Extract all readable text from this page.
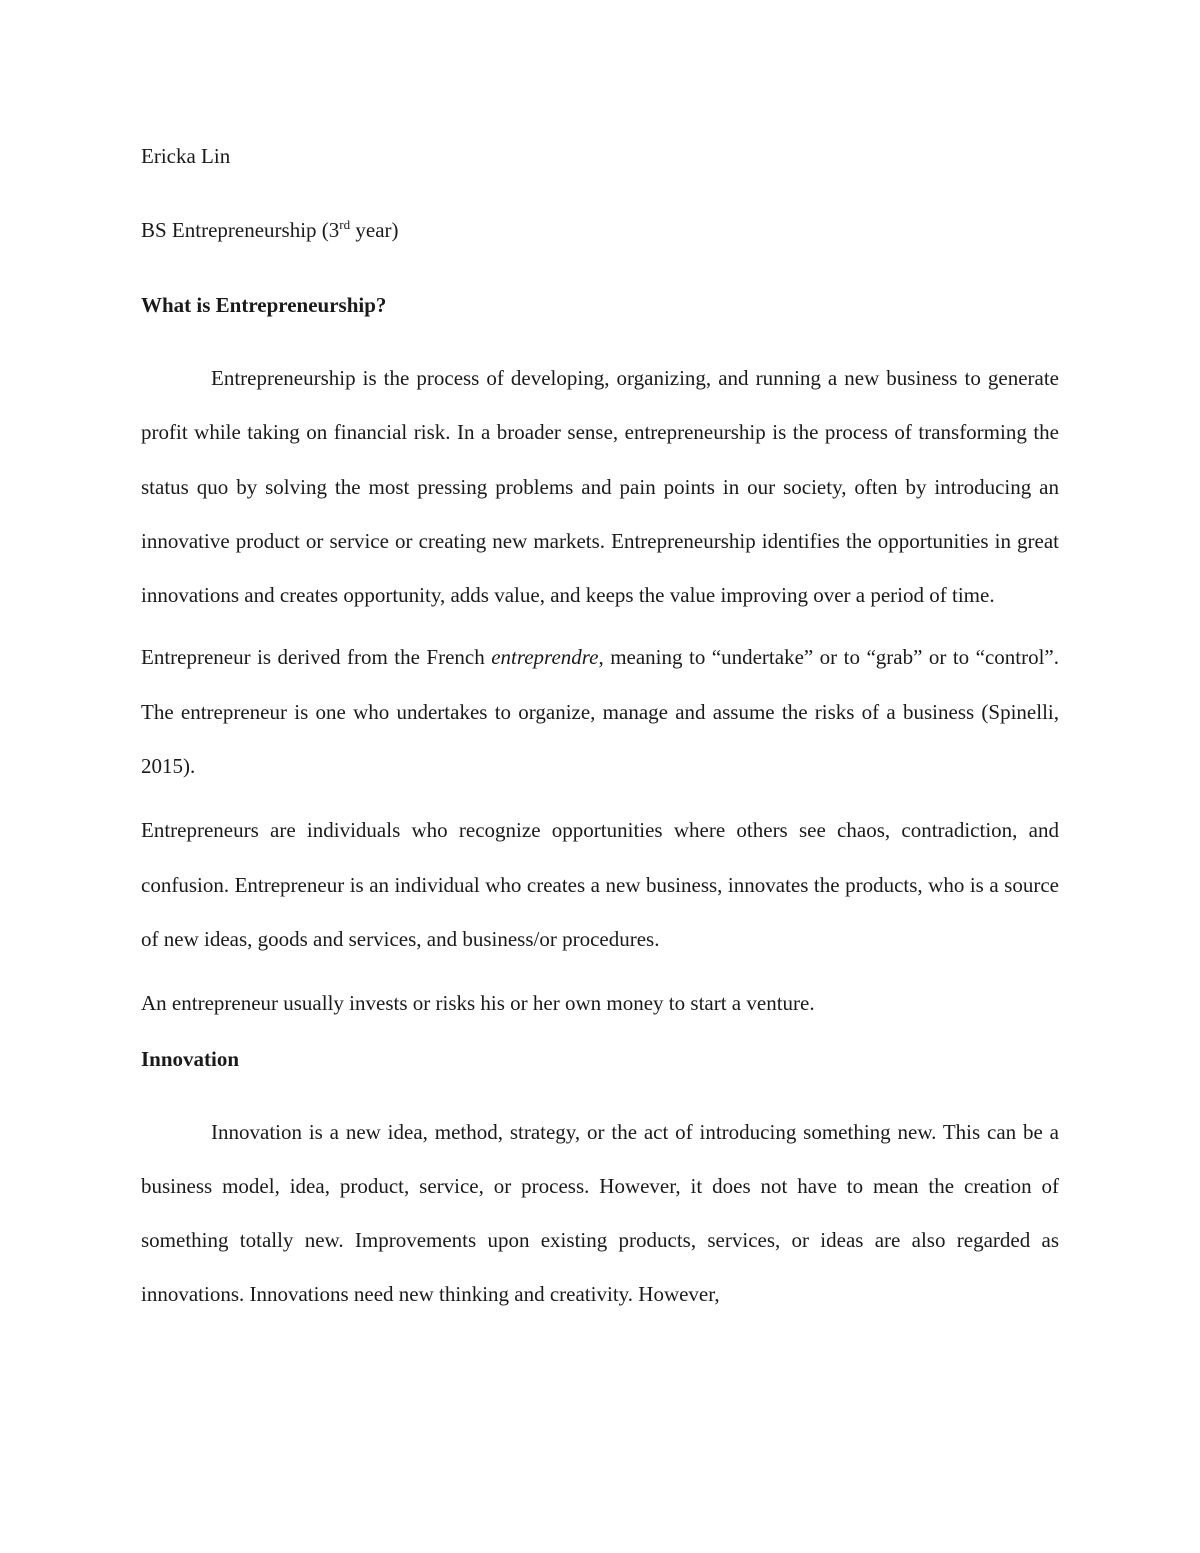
Ericka Lin

BS Entrepreneurship (3rd year)

What is Entrepreneurship?

Entrepreneurship is the process of developing, organizing, and running a new business to generate profit while taking on financial risk. In a broader sense, entrepreneurship is the process of transforming the status quo by solving the most pressing problems and pain points in our society, often by introducing an innovative product or service or creating new markets. Entrepreneurship identifies the opportunities in great innovations and creates opportunity, adds value, and keeps the value improving over a period of time.

Entrepreneur is derived from the French entreprendre, meaning to “undertake” or to “grab” or to “control”. The entrepreneur is one who undertakes to organize, manage and assume the risks of a business (Spinelli, 2015).

Entrepreneurs are individuals who recognize opportunities where others see chaos, contradiction, and confusion. Entrepreneur is an individual who creates a new business, innovates the products, who is a source of new ideas, goods and services, and business/or procedures.

An entrepreneur usually invests or risks his or her own money to start a venture.

Innovation

Innovation is a new idea, method, strategy, or the act of introducing something new. This can be a business model, idea, product, service, or process. However, it does not have to mean the creation of something totally new. Improvements upon existing products, services, or ideas are also regarded as innovations. Innovations need new thinking and creativity. However,
